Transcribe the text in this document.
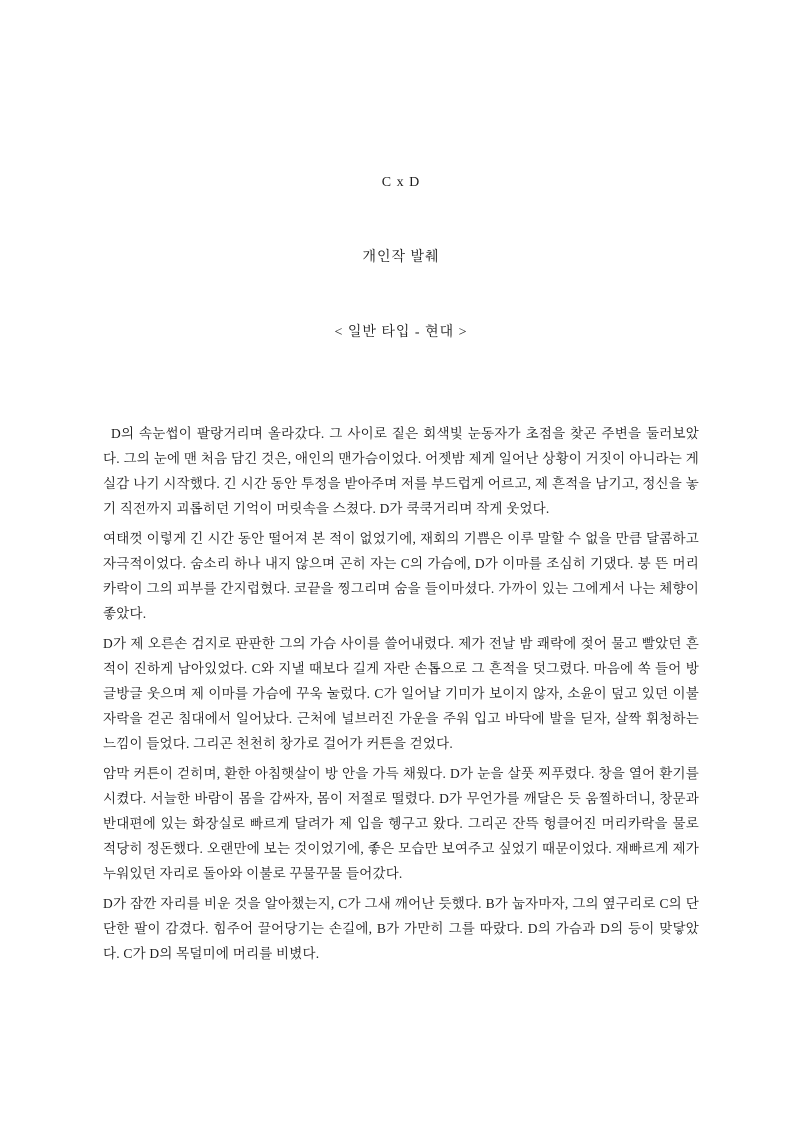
C x D

개인작 발췌

< 일반 타입 - 현대 >

D의 속눈썹이 팔랑거리며 올라갔다. 그 사이로 짙은 회색빛 눈동자가 초점을 찾곤 주변을 둘러보았다. 그의 눈에 맨 처음 담긴 것은, 애인의 맨가슴이었다. 어젯밤 제게 일어난 상황이 거짓이 아니라는 게 실감 나기 시작했다. 긴 시간 동안 투정을 받아주며 저를 부드럽게 어르고, 제 흔적을 남기고, 정신을 놓기 직전까지 괴롭히던 기억이 머릿속을 스쳤다. D가 쿡쿡거리며 작게 웃었다.

여태껏 이렇게 긴 시간 동안 떨어져 본 적이 없었기에, 재회의 기쁨은 이루 말할 수 없을 만큼 달콤하고 자극적이었다. 숨소리 하나 내지 않으며 곤히 자는 C의 가슴에, D가 이마를 조심히 기댔다. 붕 뜬 머리카락이 그의 피부를 간지럽혔다. 코끝을 찡그리며 숨을 들이마셨다. 가까이 있는 그에게서 나는 체향이 좋았다.

D가 제 오른손 검지로 판판한 그의 가슴 사이를 쓸어내렸다. 제가 전날 밤 쾌락에 젖어 물고 빨았던 흔적이 진하게 남아있었다. C와 지낼 때보다 길게 자란 손톱으로 그 흔적을 덧그렸다. 마음에 쏙 들어 방글방글 웃으며 제 이마를 가슴에 꾸욱 눌렀다. C가 일어날 기미가 보이지 않자, 소윤이 덮고 있던 이불자락을 걷곤 침대에서 일어났다. 근처에 널브러진 가운을 주워 입고 바닥에 발을 딛자, 살짝 휘청하는 느낌이 들었다. 그리곤 천천히 창가로 걸어가 커튼을 걷었다.

암막 커튼이 걷히며, 환한 아침햇살이 방 안을 가득 채웠다. D가 눈을 살풋 찌푸렸다. 창을 열어 환기를 시켰다. 서늘한 바람이 몸을 감싸자, 몸이 저절로 떨렸다. D가 무언가를 깨달은 듯 움찔하더니, 창문과 반대편에 있는 화장실로 빠르게 달려가 제 입을 헹구고 왔다. 그리곤 잔뜩 헝클어진 머리카락을 물로 적당히 정돈했다. 오랜만에 보는 것이었기에, 좋은 모습만 보여주고 싶었기 때문이었다. 재빠르게 제가 누워있던 자리로 돌아와 이불로 꾸물꾸물 들어갔다.

D가 잠깐 자리를 비운 것을 알아챘는지, C가 그새 깨어난 듯했다. B가 눕자마자, 그의 옆구리로 C의 단단한 팔이 감겼다. 힘주어 끌어당기는 손길에, B가 가만히 그를 따랐다. D의 가슴과 D의 등이 맞닿았다. C가 D의 목덜미에 머리를 비볐다.
